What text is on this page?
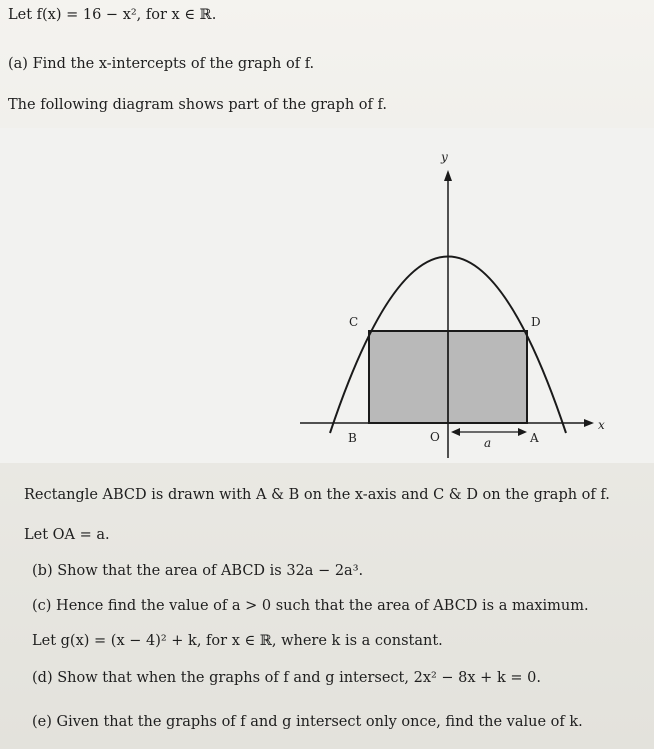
Let f(x) = 16 − x², for x ∈ ℝ.
(a) Find the x-intercepts of the graph of f.
The following diagram shows part of the graph of f.
y
x
C	D
B	O	A
a
Rectangle ABCD is drawn with A & B on the x-axis and C & D on the graph of f.
Let OA = a.
(b) Show that the area of ABCD is 32a − 2a³.
(c) Hence find the value of a > 0 such that the area of ABCD is a maximum.
Let g(x) = (x − 4)² + k, for x ∈ ℝ, where k is a constant.
(d) Show that when the graphs of f and g intersect, 2x² − 8x + k = 0.
(e) Given that the graphs of f and g intersect only once, find the value of k.
